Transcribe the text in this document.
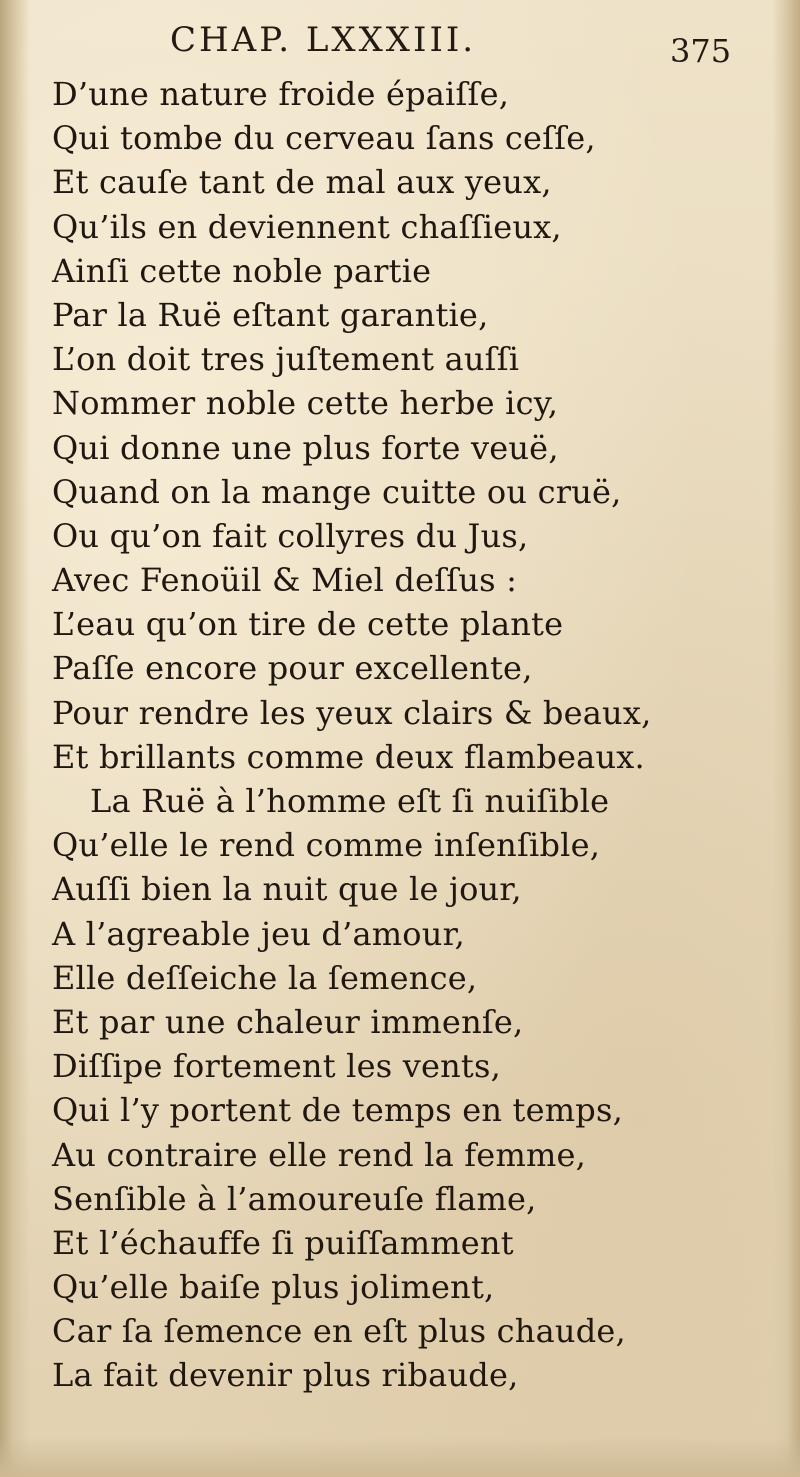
CHAP. LXXXIII.	375
D’une nature froide épaiſſe,
Qui tombe du cerveau ſans ceſſe,
Et cauſe tant de mal aux yeux,
Qu’ils en deviennent chaſſieux,
Ainſi cette noble partie
Par la Ruë eſtant garantie,
L’on doit tres juſtement auſſi
Nommer noble cette herbe icy,
Qui donne une plus forte veuë,
Quand on la mange cuitte ou cruë,
Ou qu’on fait collyres du Jus,
Avec Fenoüil & Miel deſſus :
L’eau qu’on tire de cette plante
Paſſe encore pour excellente,
Pour rendre les yeux clairs & beaux,
Et brillants comme deux flambeaux.
La Ruë à l’homme eſt ſi nuiſible
Qu’elle le rend comme inſenſible,
Auſſi bien la nuit que le jour,
A l’agreable jeu d’amour,
Elle deſſeiche la ſemence,
Et par une chaleur immenſe,
Diſſipe fortement les vents,
Qui l’y portent de temps en temps,
Au contraire elle rend la femme,
Senſible à l’amoureuſe flame,
Et l’échauffe ſi puiſſamment
Qu’elle baiſe plus joliment,
Car ſa ſemence en eſt plus chaude,
La fait devenir plus ribaude,
